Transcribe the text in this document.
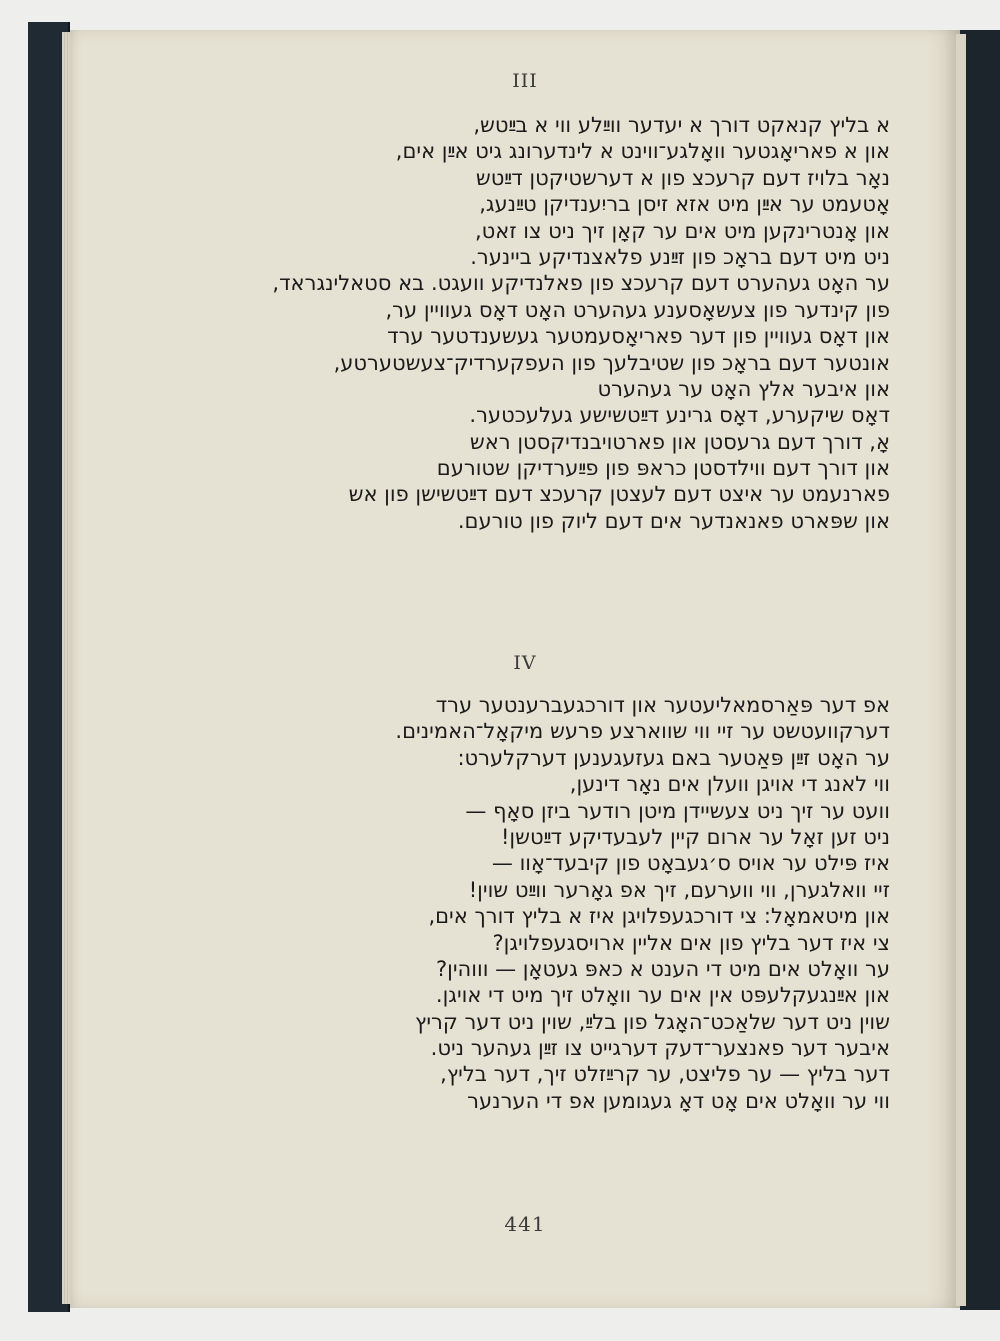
III
א בליץ קנאקט דורך א יעדער ווײַלע ווי א בײַטש,
און א פאריאָגטער וואָלגע־ווינט א לינדערונג גיט אײַן אים,
נאָר בלויז דעם קרעכצ פון א דערשטיקטן דײַטש
אָטעמט ער אײַן מיט אזא זיסן בריִענדיקן טײַנעג,
און אָנטרינקען מיט אים ער קאָן זיך ניט צו זאט,
ניט מיט דעם בראָכ פון זײַנע פלאצנדיקע ביינער.
ער האָט געהערט דעם קרעכצ פון פאלנדיקע וועגט. בא סטאלינגראד,
פון קינדער פון צעשאָסענע געהערט האָט דאָס געוויין ער,
און דאָס געוויין פון דער פאריאָסעמטער געשענדטער ערד
אונטער דעם בראָכ פון שטיבלעך פון העפקערדיק־צעשטערטע,
און איבער אלץ האָט ער געהערט
דאָס שיקערע, דאָס גרינע דײַטשישע געלעכטער.
אָ, דורך דעם גרעסטן און פארטויבנדיקסטן ראש
און דורך דעם ווילדסטן כראפּ פון פײַערדיקן שטורעם
פארנעמט ער איצט דעם לעצטן קרעכצ דעם דײַטשישן פון אש
און שפּארט פאנאנדער אים דעם ליוק פון טורעם.
IV
אפ דער פּאַרסמאליעטער און דורכגעברענטער ערד
דערקוועטשט ער זיי ווי שווארצע פרעש מיקאָל־האמינים.
ער האָט זײַן פּאַטער באם געזעגענען דערקלערט:
ווי לאנג די אויגן וועלן אים נאָר דינען,
וועט ער זיך ניט צעשיידן מיטן רודער ביזן סאָף —
ניט זען זאָל ער ארום קיין לעבעדיקע דײַטשן!
איז פּילט ער אויס ס׳געבאָט פון קיבעד־אָוו —
זיי וואלגערן, ווי ווערעם, זיך אפ גאָרער ווײַט שוין!
און מיטאמאָל: צי דורכגעפלויגן איז א בליץ דורך אים,
צי איז דער בליץ פון אים אליין ארויסגעפלויגן?
ער וואָלט אים מיט די הענט א כאפּ געטאָן — וווהין?
און אײַנגעקלעפּט אין אים ער וואָלט זיך מיט די אויגן.
שוין ניט דער שלאַכט־האָגל פון בלײַ, שוין ניט דער קריץ
איבער דער פאנצער־דעק דערגייט צו זײַן געהער ניט.
דער בליץ — ער פליצט, ער קרײַזלט זיך, דער בליץ,
ווי ער וואָלט אים אָט דאָ געגומען אפ די הערנער
441
